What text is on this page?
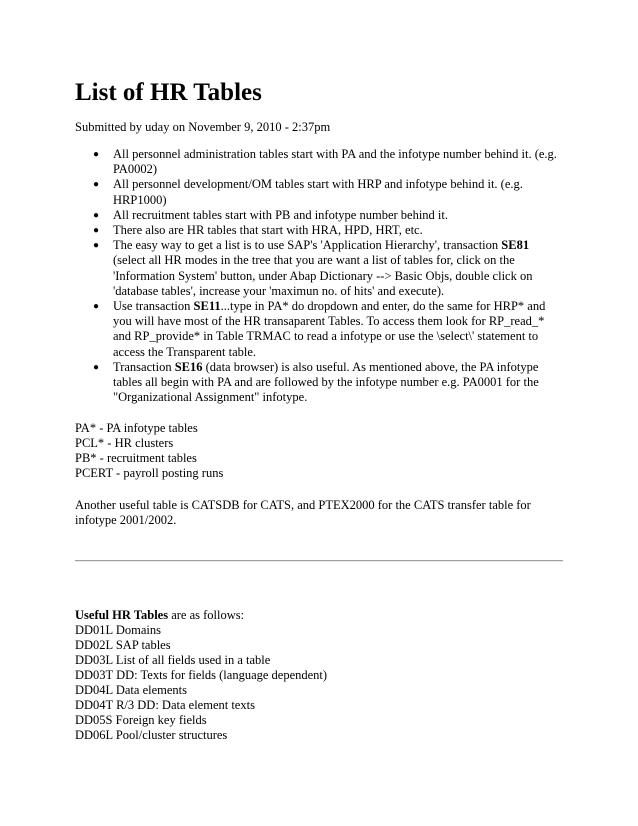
List of HR Tables
Submitted by uday on November 9, 2010 - 2:37pm
● All personnel administration tables start with PA and the infotype number behind it. (e.g.
PA0002)
● All personnel development/OM tables start with HRP and infotype behind it. (e.g.
HRP1000)
● All recruitment tables start with PB and infotype number behind it.
● There also are HR tables that start with HRA, HPD, HRT, etc.
● The easy way to get a list is to use SAP's 'Application Hierarchy', transaction SE81
(select all HR modes in the tree that you are want a list of tables for, click on the
'Information System' button, under Abap Dictionary --> Basic Objs, double click on
'database tables', increase your 'maximun no. of hits' and execute).
● Use transaction SE11...type in PA* do dropdown and enter, do the same for HRP* and
you will have most of the HR transaparent Tables. To access them look for RP_read_*
and RP_provide* in Table TRMAC to read a infotype or use the \select\' statement to
access the Transparent table.
● Transaction SE16 (data browser) is also useful. As mentioned above, the PA infotype
tables all begin with PA and are followed by the infotype number e.g. PA0001 for the
"Organizational Assignment" infotype.
PA* - PA infotype tables
PCL* - HR clusters
PB* - recruitment tables
PCERT - payroll posting runs
Another useful table is CATSDB for CATS, and PTEX2000 for the CATS transfer table for
infotype 2001/2002.
Useful HR Tables are as follows:
DD01L Domains
DD02L SAP tables
DD03L List of all fields used in a table
DD03T DD: Texts for fields (language dependent)
DD04L Data elements
DD04T R/3 DD: Data element texts
DD05S Foreign key fields
DD06L Pool/cluster structures
